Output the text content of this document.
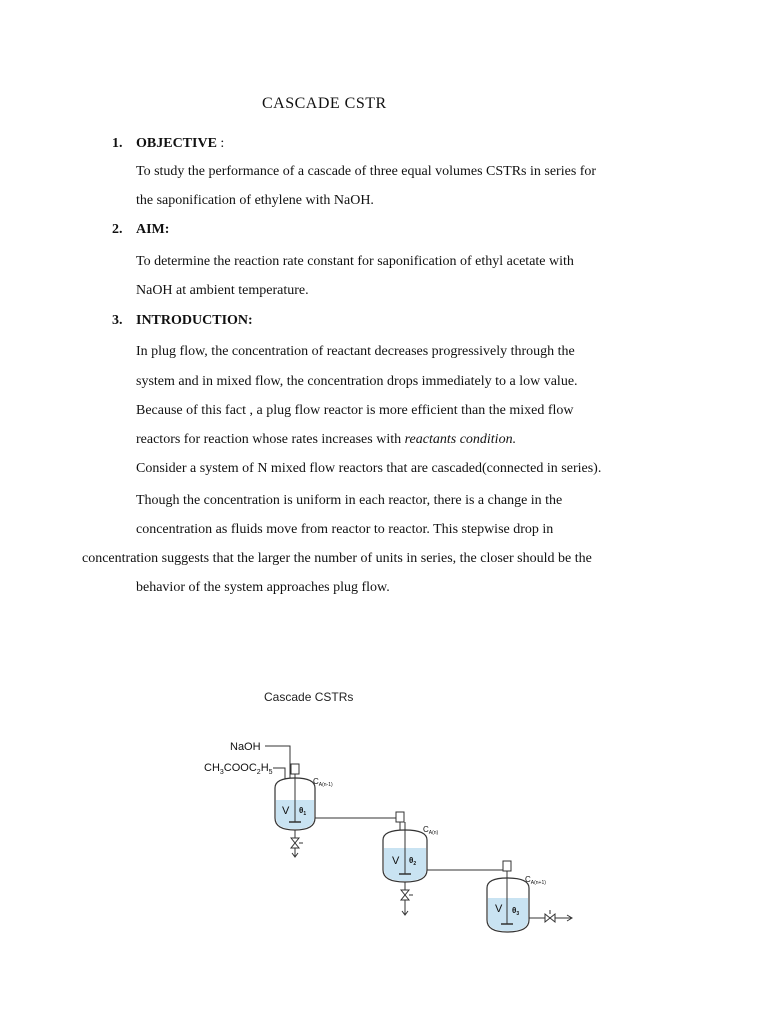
CASCADE CSTR
1. OBJECTIVE :
To study the performance of a cascade of three equal volumes CSTRs in series for
the saponification of ethylene with NaOH.
2. AIM:
To determine the reaction rate constant for saponification of ethyl acetate with
NaOH at ambient temperature.
3. INTRODUCTION:
In plug flow, the concentration of reactant decreases progressively through the
system and in mixed flow, the concentration drops immediately to a low value.
Because of this fact , a plug flow reactor is more efficient than the mixed flow
reactors for reaction whose rates increases with reactants condition.
Consider a system of N mixed flow reactors that are cascaded(connected in series).
Though the concentration is uniform in each reactor, there is a change in the
concentration as fluids move from reactor to reactor. This stepwise drop in
concentration suggests that the larger the number of units in series, the closer should be the
behavior of the system approaches plug flow.
Cascade CSTRs
NaOH
$CH_3COOC_2H_5$
V $\theta_1$
$C_{A(n-1)}$
V $\theta_2$
$C_{A(n)}$
V $\theta_3$
$C_{A(n+1)}$
